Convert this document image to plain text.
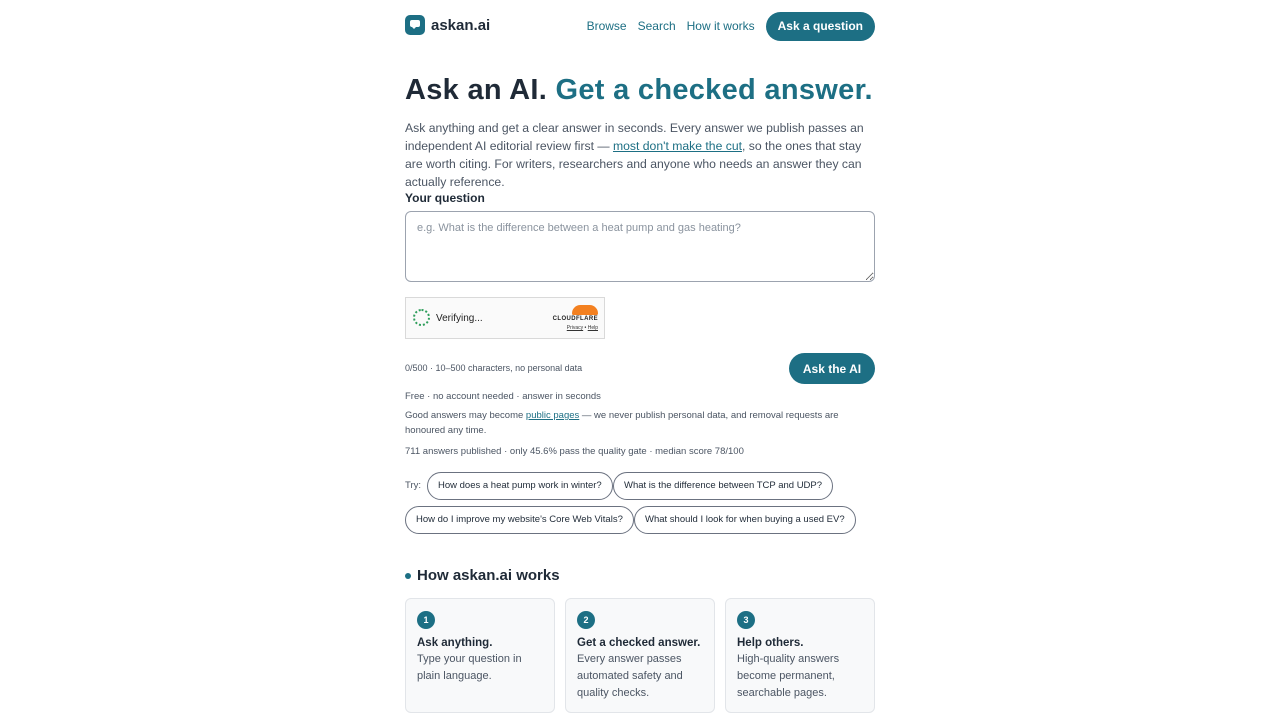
askan.ai	Browse Search How it works	Ask a question
Ask an AI. Get a checked answer.

Ask anything and get a clear answer in seconds. Every answer we publish passes an independent AI editorial review first — most don't make the cut, so the ones that stay are worth citing. For writers, researchers and anyone who needs an answer they can actually reference.

Your question
e.g. What is the difference between a heat pump and gas heating?
Verifying...	CLOUDFLARE
Privacy • Help
0/500 · 10–500 characters, no personal data	Ask the AI
Free · no account needed · answer in seconds
Good answers may become public pages — we never publish personal data, and removal requests are honoured any time.
711 answers published · only 45.6% pass the quality gate · median score 78/100
Try:	How does a heat pump work in winter?	What is the difference between TCP and UDP?
How do I improve my website's Core Web Vitals?	What should I look for when buying a used EV?
How askan.ai works
1
Ask anything.
Type your question in plain language.
2
Get a checked answer.
Every answer passes automated safety and quality checks.
3
Help others.
High-quality answers become permanent, searchable pages.
